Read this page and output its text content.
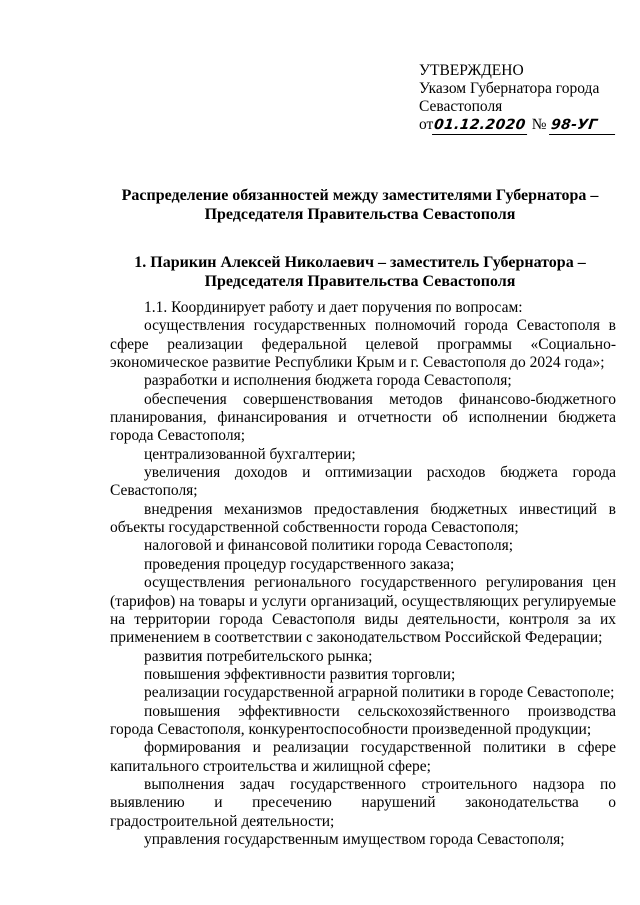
УТВЕРЖДЕНО
Указом Губернатора города
Севастополя
от01.12.2020 № 98-УГ
Распределение обязанностей между заместителями Губернатора – Председателя Правительства Севастополя
1. Парикин Алексей Николаевич – заместитель Губернатора – Председателя Правительства Севастополя

1.1. Координирует работу и дает поручения по вопросам:

осуществления государственных полномочий города Севастополя в сфере реализации федеральной целевой программы «Социально-экономическое развитие Республики Крым и г. Севастополя до 2024 года»;

разработки и исполнения бюджета города Севастополя;

обеспечения совершенствования методов финансово-бюджетного планирования, финансирования и отчетности об исполнении бюджета города Севастополя;

централизованной бухгалтерии;

увеличения доходов и оптимизации расходов бюджета города Севастополя;

внедрения механизмов предоставления бюджетных инвестиций в объекты государственной собственности города Севастополя;

налоговой и финансовой политики города Севастополя;

проведения процедур государственного заказа;

осуществления регионального государственного регулирования цен (тарифов) на товары и услуги организаций, осуществляющих регулируемые на территории города Севастополя виды деятельности, контроля за их применением в соответствии с законодательством Российской Федерации;

развития потребительского рынка;

повышения эффективности развития торговли;

реализации государственной аграрной политики в городе Севастополе;

повышения эффективности сельскохозяйственного производства города Севастополя, конкурентоспособности произведенной продукции;

формирования и реализации государственной политики в сфере капитального строительства и жилищной сфере;

выполнения задач государственного строительного надзора по выявлению и пресечению нарушений законодательства о градостроительной деятельности;

управления государственным имуществом города Севастополя;
